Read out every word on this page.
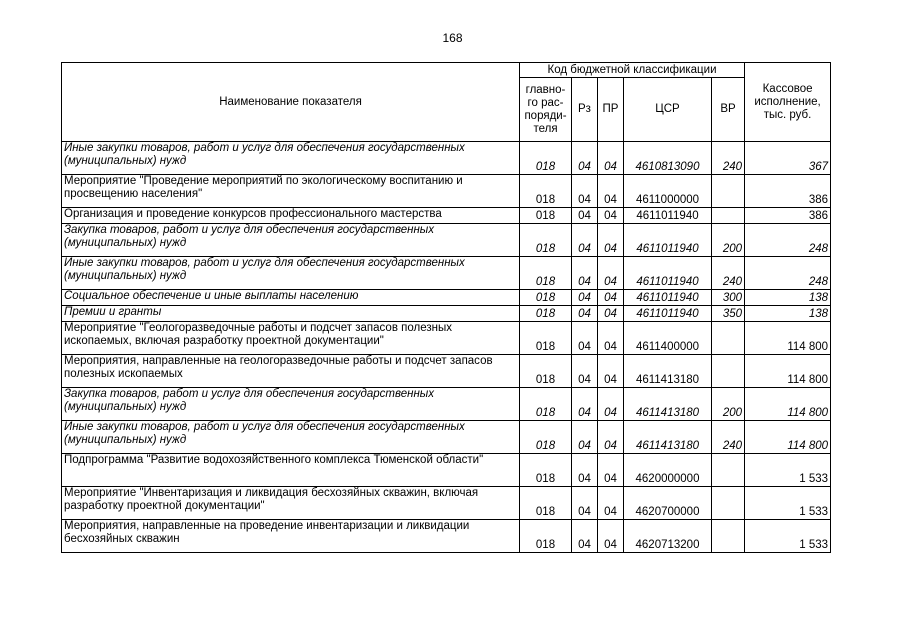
168
Наименование показателя	Код бюджетной классификации					Кассовое исполнение, тыс. руб.
	главно-го рас-поряди-теля	Рз	ПР	ЦСР	ВР	
Иные закупки товаров, работ и услуг для обеспечения государственных (муниципальных) нужд	018	04	04	4610813090	240	367
Мероприятие "Проведение мероприятий по экологическому воспитанию и просвещению населения"	018	04	04	4611000000		386
Организация и проведение конкурсов профессионального мастерства	018	04	04	4611011940		386
Закупка товаров, работ и услуг для обеспечения государственных (муниципальных) нужд	018	04	04	4611011940	200	248
Иные закупки товаров, работ и услуг для обеспечения государственных (муниципальных) нужд	018	04	04	4611011940	240	248
Социальное обеспечение и иные выплаты населению	018	04	04	4611011940	300	138
Премии и гранты	018	04	04	4611011940	350	138
Мероприятие "Геологоразведочные работы и подсчет запасов полезных ископаемых, включая разработку проектной документации"	018	04	04	4611400000		114 800
Мероприятия, направленные на геологоразведочные работы и подсчет запасов полезных ископаемых	018	04	04	4611413180		114 800
Закупка товаров, работ и услуг для обеспечения государственных (муниципальных) нужд	018	04	04	4611413180	200	114 800
Иные закупки товаров, работ и услуг для обеспечения государственных (муниципальных) нужд	018	04	04	4611413180	240	114 800
Подпрограмма "Развитие водохозяйственного комплекса Тюменской области"	018	04	04	4620000000		1 533
Мероприятие "Инвентаризация и ликвидация бесхозяйных скважин, включая разработку проектной документации"	018	04	04	4620700000		1 533
Мероприятия, направленные на проведение инвентаризации и ликвидации бесхозяйных скважин	018	04	04	4620713200		1 533
